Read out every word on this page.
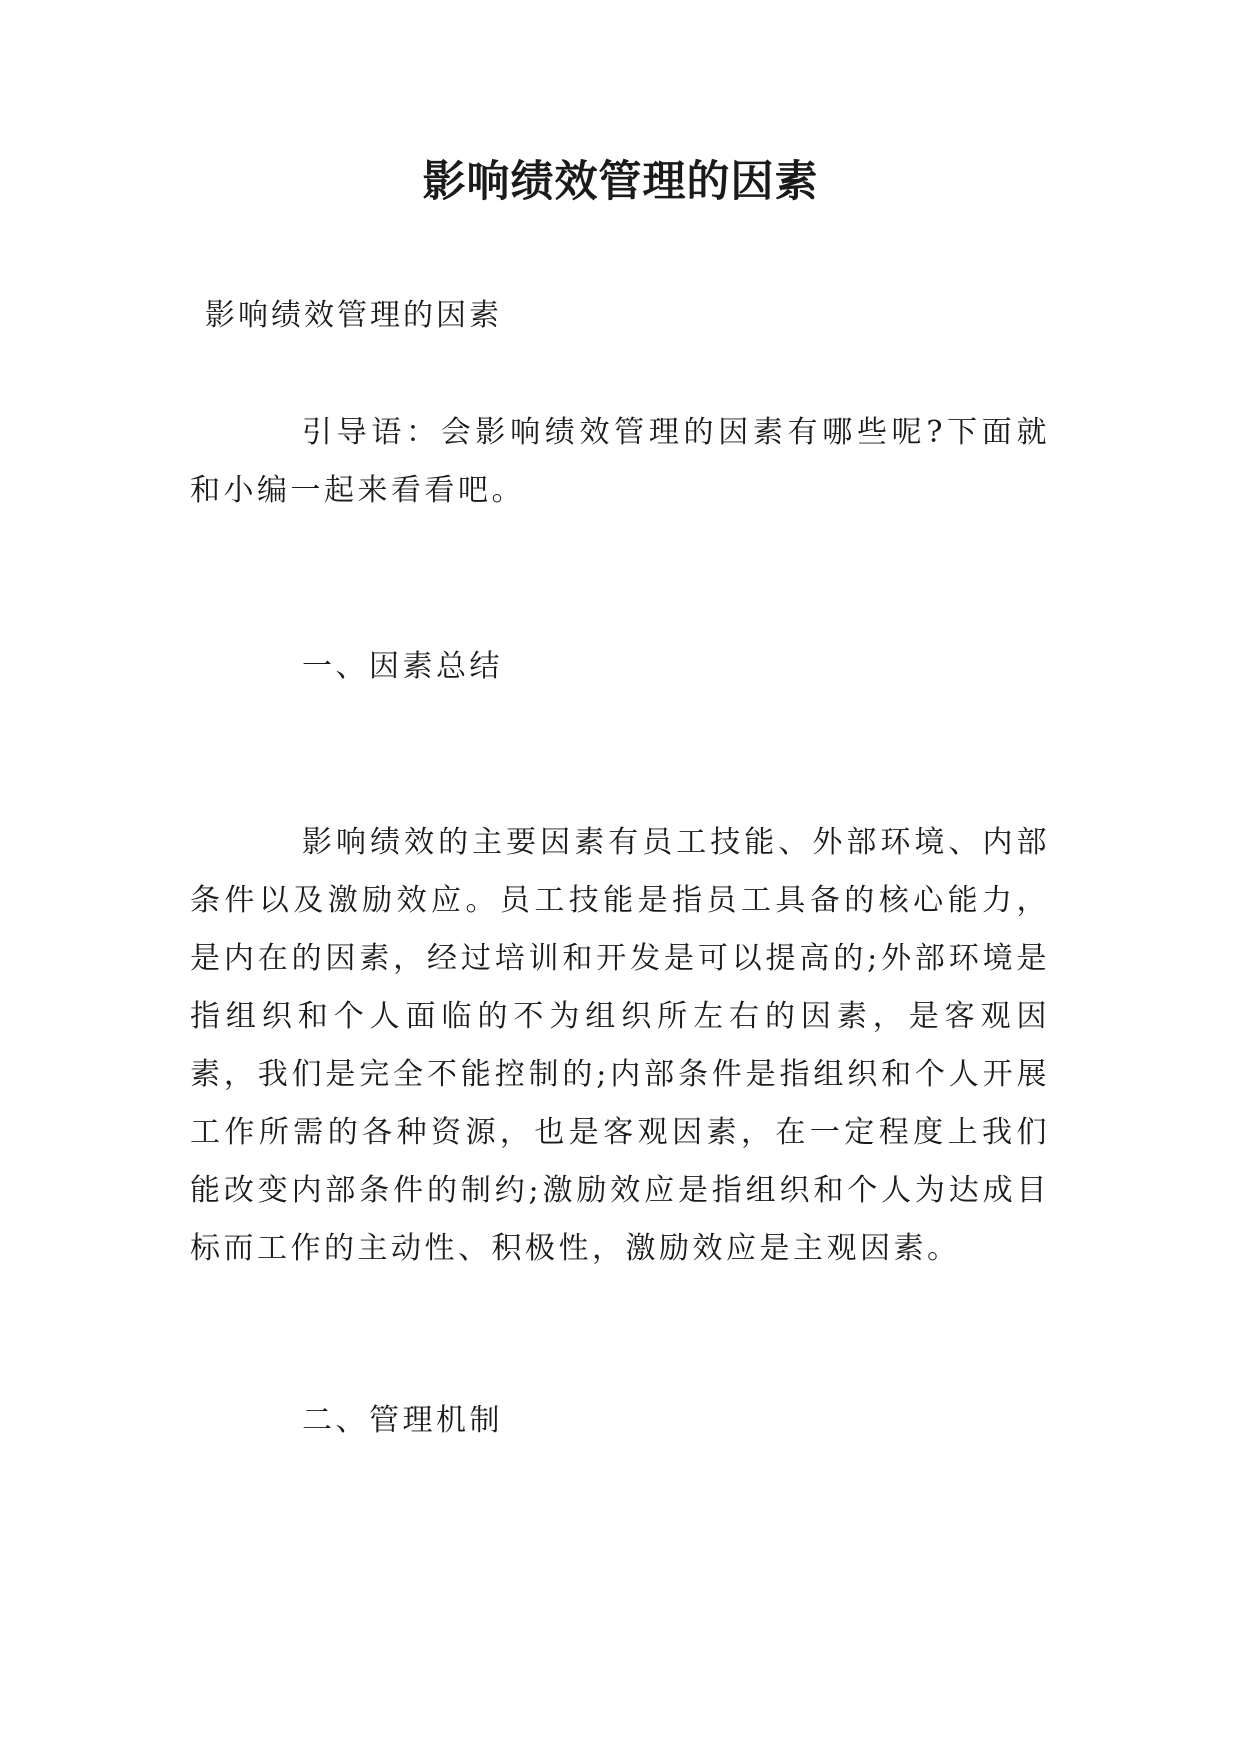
影响绩效管理的因素

影响绩效管理的因素

引导语：会影响绩效管理的因素有哪些呢?下面就和小编一起来看看吧。

一、因素总结

影响绩效的主要因素有员工技能、外部环境、内部条件以及激励效应。员工技能是指员工具备的核心能力，是内在的因素，经过培训和开发是可以提高的;外部环境是指组织和个人面临的不为组织所左右的因素，是客观因素，我们是完全不能控制的;内部条件是指组织和个人开展工作所需的各种资源，也是客观因素，在一定程度上我们能改变内部条件的制约;激励效应是指组织和个人为达成目标而工作的主动性、积极性，激励效应是主观因素。

二、管理机制
